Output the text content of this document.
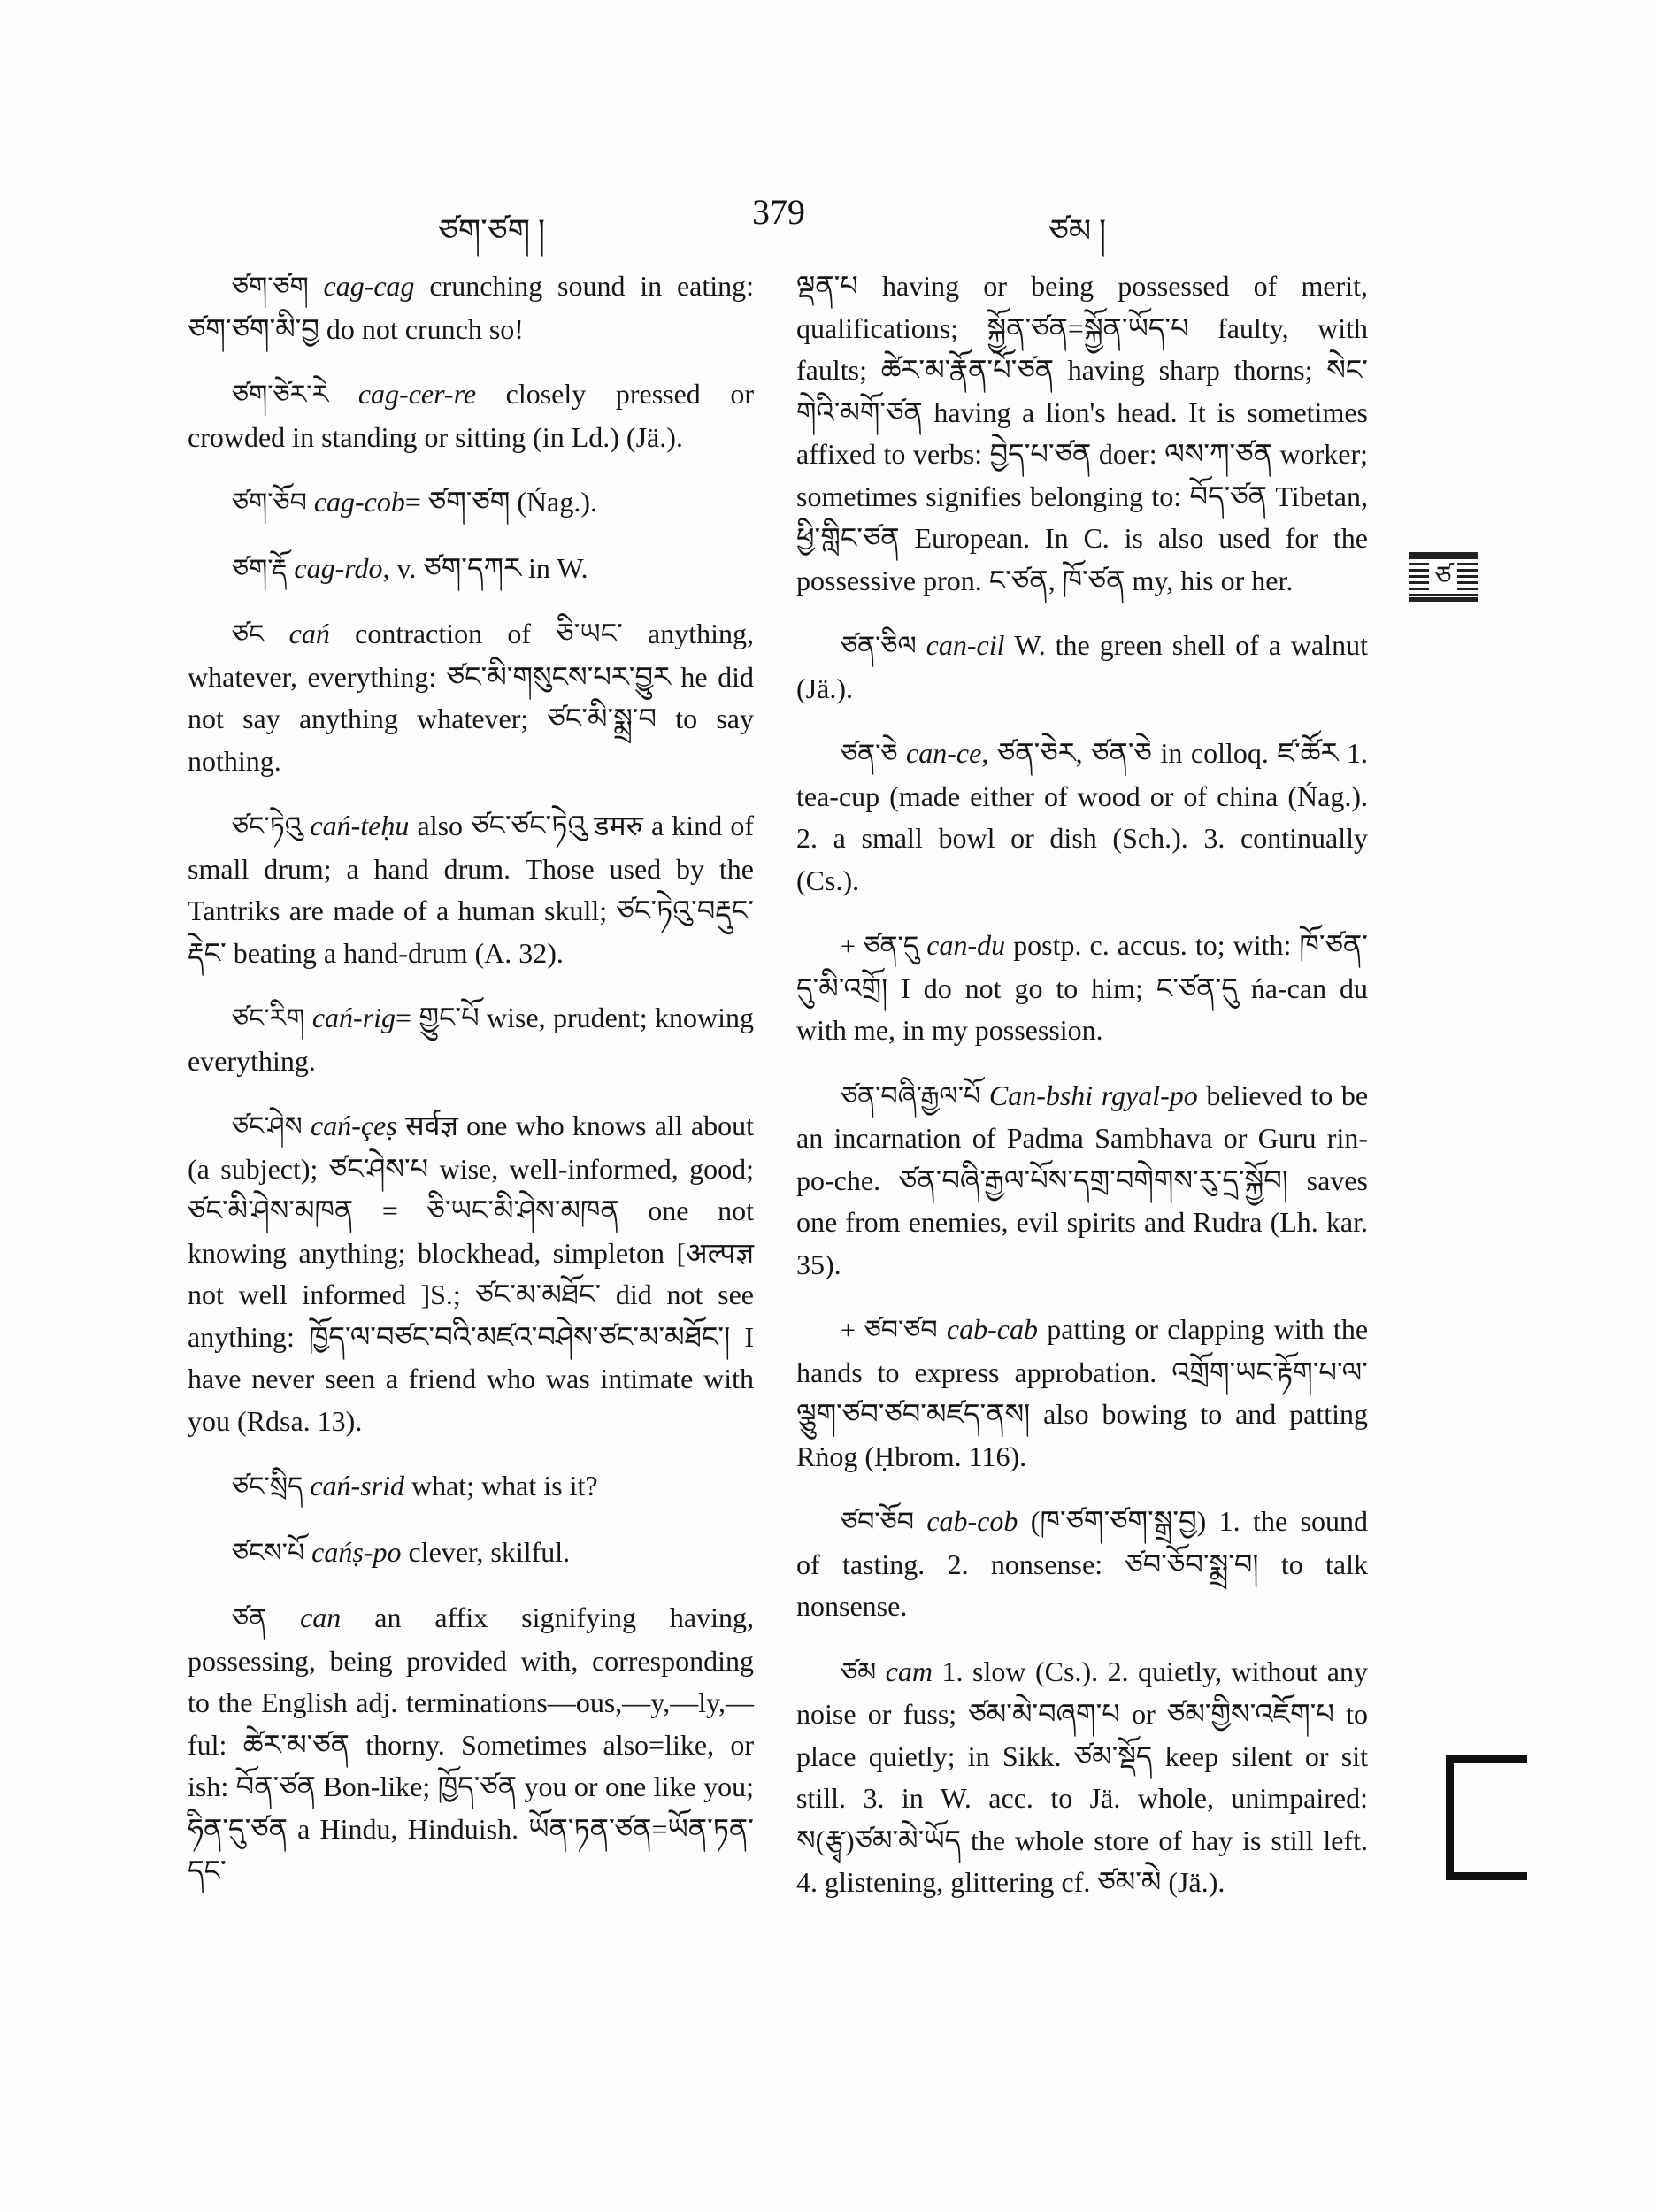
ཙག་ཙག །	379	ཙམ །
ཙ

ཙག་ཙག cag-cag crunching sound in eating: ཙག་ཙག་མི་བྱ do not crunch so!

ཙག་ཙེར་རེ cag-cer-re closely pressed or crowded in standing or sitting (in Ld.) (Jä.).

ཙག་ཅོབ cag-cob= ཙག་ཙག (Ńag.).

ཙག་རྡོ cag-rdo, v. ཙག་དཀར in W.

ཙང cań contraction of ཅི་ཡང་ anything, whatever, everything: ཙང་མི་གསུངས་པར་བྱུར he did not say anything whatever; ཙང་མི་སྨྲ་བ to say nothing.

ཙང་ཏེའུ cań-teḥu also ཙང་ཙང་ཏེའུ डमरु a kind of small drum; a hand drum. Those used by the Tantriks are made of a human skull; ཙང་ཏེའུ་བརྡུང་རྡེང་ beating a hand-drum (A. 32).

ཙང་རིག cań-rig= གྱུང་པོ wise, prudent; knowing everything.

ཙང་ཤེས cań-çeṣ सर्वज्ञ one who knows all about (a subject); ཙང་ཤེས་པ wise, well-informed, good; ཙང་མི་ཤེས་མཁན = ཅི་ཡང་མི་ཤེས་མཁན one not knowing anything; blockhead, simpleton [अल्पज्ञ not well informed ]S.; ཙང་མ་མཐོང་ did not see anything: ཁྱོད་ལ་བཙང་བའི་མཛའ་བཤེས་ཙང་མ་མཐོང་། I have never seen a friend who was intimate with you (Rdsa. 13).

ཙང་སྲིད cań-srid what; what is it?

ཙངས་པོ cańṣ-po clever, skilful.

ཙན can an affix signifying having, possessing, being provided with, corresponding to the English adj. terminations—ous,—y,—ly,—ful: ཚེར་མ་ཙན thorny. Sometimes also=like, or ish: བོན་ཙན Bon-like; ཁྱོད་ཙན you or one like you; ཧིན་དུ་ཙན a Hindu, Hinduish. ཡོན་ཏན་ཙན=ཡོན་ཏན་དང་

ལྡན་པ having or being possessed of merit, qualifications; སྐྱོན་ཙན=སྐྱོན་ཡོད་པ faulty, with faults; ཚེར་མ་རྣོན་པོ་ཙན having sharp thorns; སེང་གེའི་མགོ་ཙན having a lion's head. It is sometimes affixed to verbs: བྱེད་པ་ཙན doer: ལས་ཀ་ཙན worker; sometimes signifies belonging to: བོད་ཙན Tibetan, ཕྱི་གླིང་ཙན European. In C. is also used for the possessive pron. ང་ཙན, ཁོ་ཙན my, his or her.

ཙན་ཅིལ can-cil W. the green shell of a walnut (Jä.).

ཙན་ཅེ can-ce, ཙན་ཅེར, ཙན་ཅེ in colloq. ཛ་ཚོར 1. tea-cup (made either of wood or of china (Ńag.). 2. a small bowl or dish (Sch.). 3. continually (Cs.).

+ ཙན་དུ can-du postp. c. accus. to; with: ཁོ་ཙན་དུ་མི་འགྲོ། I do not go to him; ང་ཙན་དུ ńa-can du with me, in my possession.

ཙན་བཞི་རྒྱལ་པོ Can-bshi rgyal-po believed to be an incarnation of Padma Sambhava or Guru rin-po-che. ཙན་བཞི་རྒྱལ་པོས་དགྲ་བགེགས་རུ་དྲ་སྐྱོབ། saves one from enemies, evil spirits and Rudra (Lh. kar. 35).

+ ཙབ་ཙབ cab-cab patting or clapping with the hands to express approbation. འགྲོག་ཡང་རྟོག་པ་ལ་ལྕུག་ཙབ་ཙབ་མཛད་ནས། also bowing to and patting Rṅog (Ḥbrom. 116).

ཙབ་ཅོབ cab-cob (ཁ་ཙག་ཙག་སྒྲ་བྱ) 1. the sound of tasting. 2. nonsense: ཙབ་ཅོབ་སྨྲ་བ། to talk nonsense.

ཙམ cam 1. slow (Cs.). 2. quietly, without any noise or fuss; ཙམ་མེ་བཞག་པ or ཙམ་གྱིས་འཇོག་པ to place quietly; in Sikk. ཙམ་སྡོད keep silent or sit still. 3. in W. acc. to Jä. whole, unimpaired: ས(རྩྭ)ཙམ་མེ་ཡོད the whole store of hay is still left. 4. glistening, glittering cf. ཙམ་མེ (Jä.).
